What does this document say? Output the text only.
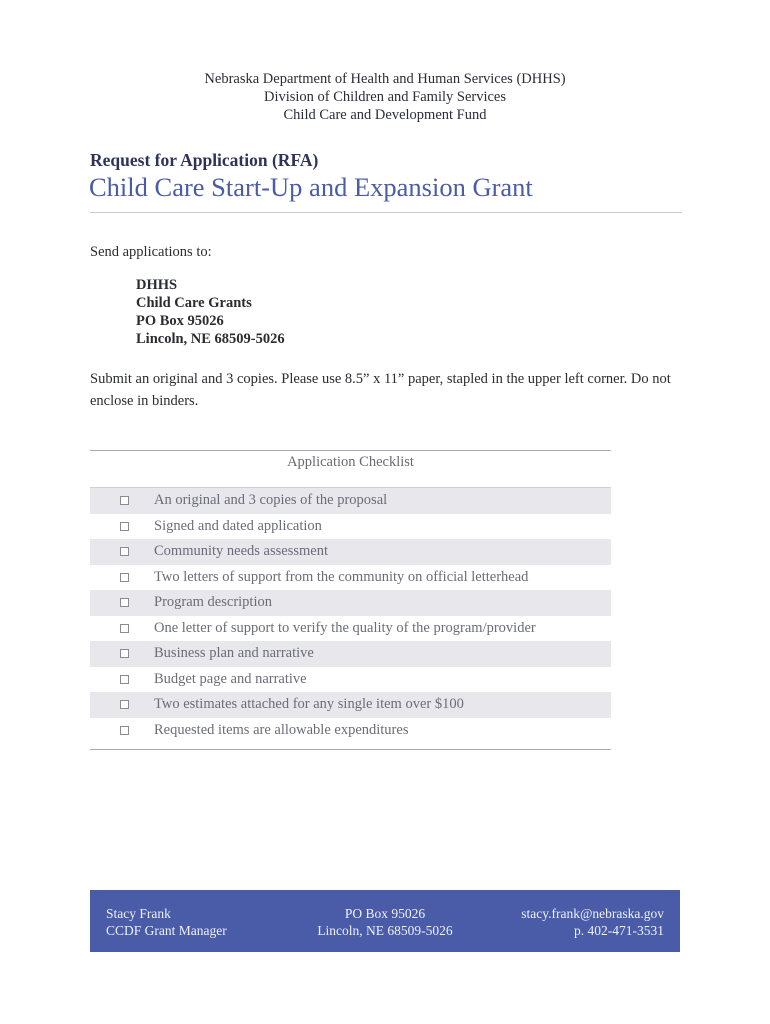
Nebraska Department of Health and Human Services (DHHS)
Division of Children and Family Services
Child Care and Development Fund
Request for Application (RFA)
Child Care Start-Up and Expansion Grant
Send applications to:
DHHS
Child Care Grants
PO Box 95026
Lincoln, NE 68509-5026
Submit an original and 3 copies. Please use 8.5” x 11” paper, stapled in the upper left corner. Do not enclose in binders.
Application Checklist
An original and 3 copies of the proposal
Signed and dated application
Community needs assessment
Two letters of support from the community on official letterhead
Program description
One letter of support to verify the quality of the program/provider
Business plan and narrative
Budget page and narrative
Two estimates attached for any single item over $100
Requested items are allowable expenditures
Stacy Frank
CCDF Grant Manager
PO Box 95026
Lincoln, NE 68509-5026
stacy.frank@nebraska.gov
p. 402-471-3531
